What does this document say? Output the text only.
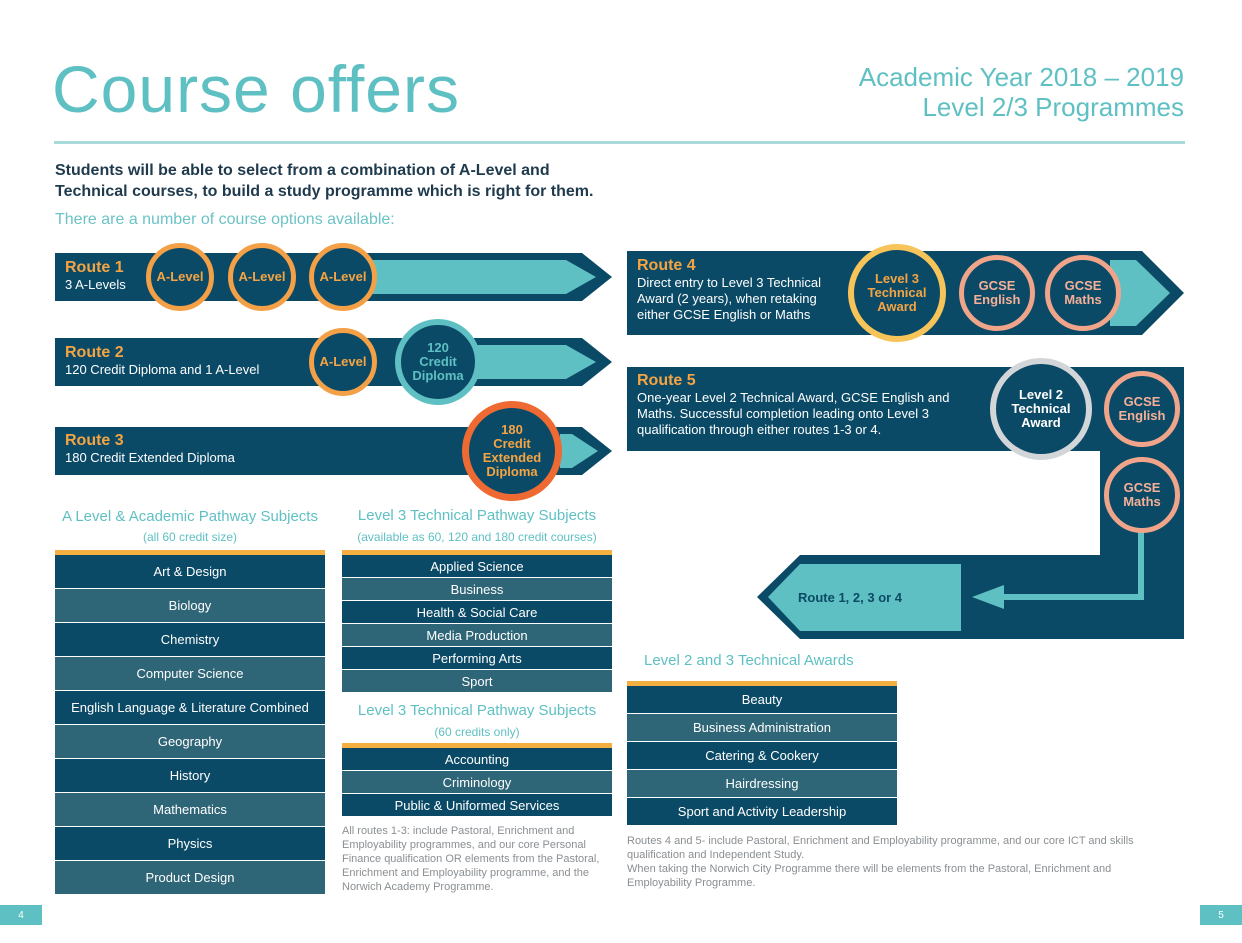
Course offers	Academic Year 2018 – 2019
Level 2/3 Programmes
Students will be able to select from a combination of A-Level and
Technical courses, to build a study programme which is right for them.
There are a number of course options available:
Route 1
3 A-Levels
A-Level	A-Level	A-Level
Route 2
120 Credit Diploma and 1 A-Level
A-Level
120
Credit
Diploma
Route 3
180 Credit Extended Diploma
180
Credit
Extended
Diploma
Route 4
Direct entry to Level 3 Technical
Award (2 years), when retaking
either GCSE English or Maths
Level 3
Technical
Award
GCSE
English
GCSE
Maths
Route 5
One-year Level 2 Technical Award, GCSE English and
Maths. Successful completion leading onto Level 3
qualification through either routes 1-3 or 4.
Level 2
Technical
Award
GCSE
English
GCSE
Maths
Route 1, 2, 3 or 4
A Level & Academic Pathway Subjects
(all 60 credit size)
Art & Design
Biology
Chemistry
Computer Science
English Language & Literature Combined
Geography
History
Mathematics
Physics
Product Design
Level 3 Technical Pathway Subjects
(available as 60, 120 and 180 credit courses)
Applied Science
Business
Health & Social Care
Media Production
Performing Arts
Sport
Level 3 Technical Pathway Subjects
(60 credits only)
Accounting
Criminology
Public & Uniformed Services
Level 2 and 3 Technical Awards
Beauty
Business Administration
Catering & Cookery
Hairdressing
Sport and Activity Leadership
All routes 1-3: include Pastoral, Enrichment and Employability programmes, and our core Personal Finance qualification OR elements from the Pastoral, Enrichment and Employability programme, and the Norwich Academy Programme.
Routes 4 and 5- include Pastoral, Enrichment and Employability programme, and our core ICT and skills qualification and Independent Study.
When taking the Norwich City Programme there will be elements from the Pastoral, Enrichment and Employability Programme.
4	5
